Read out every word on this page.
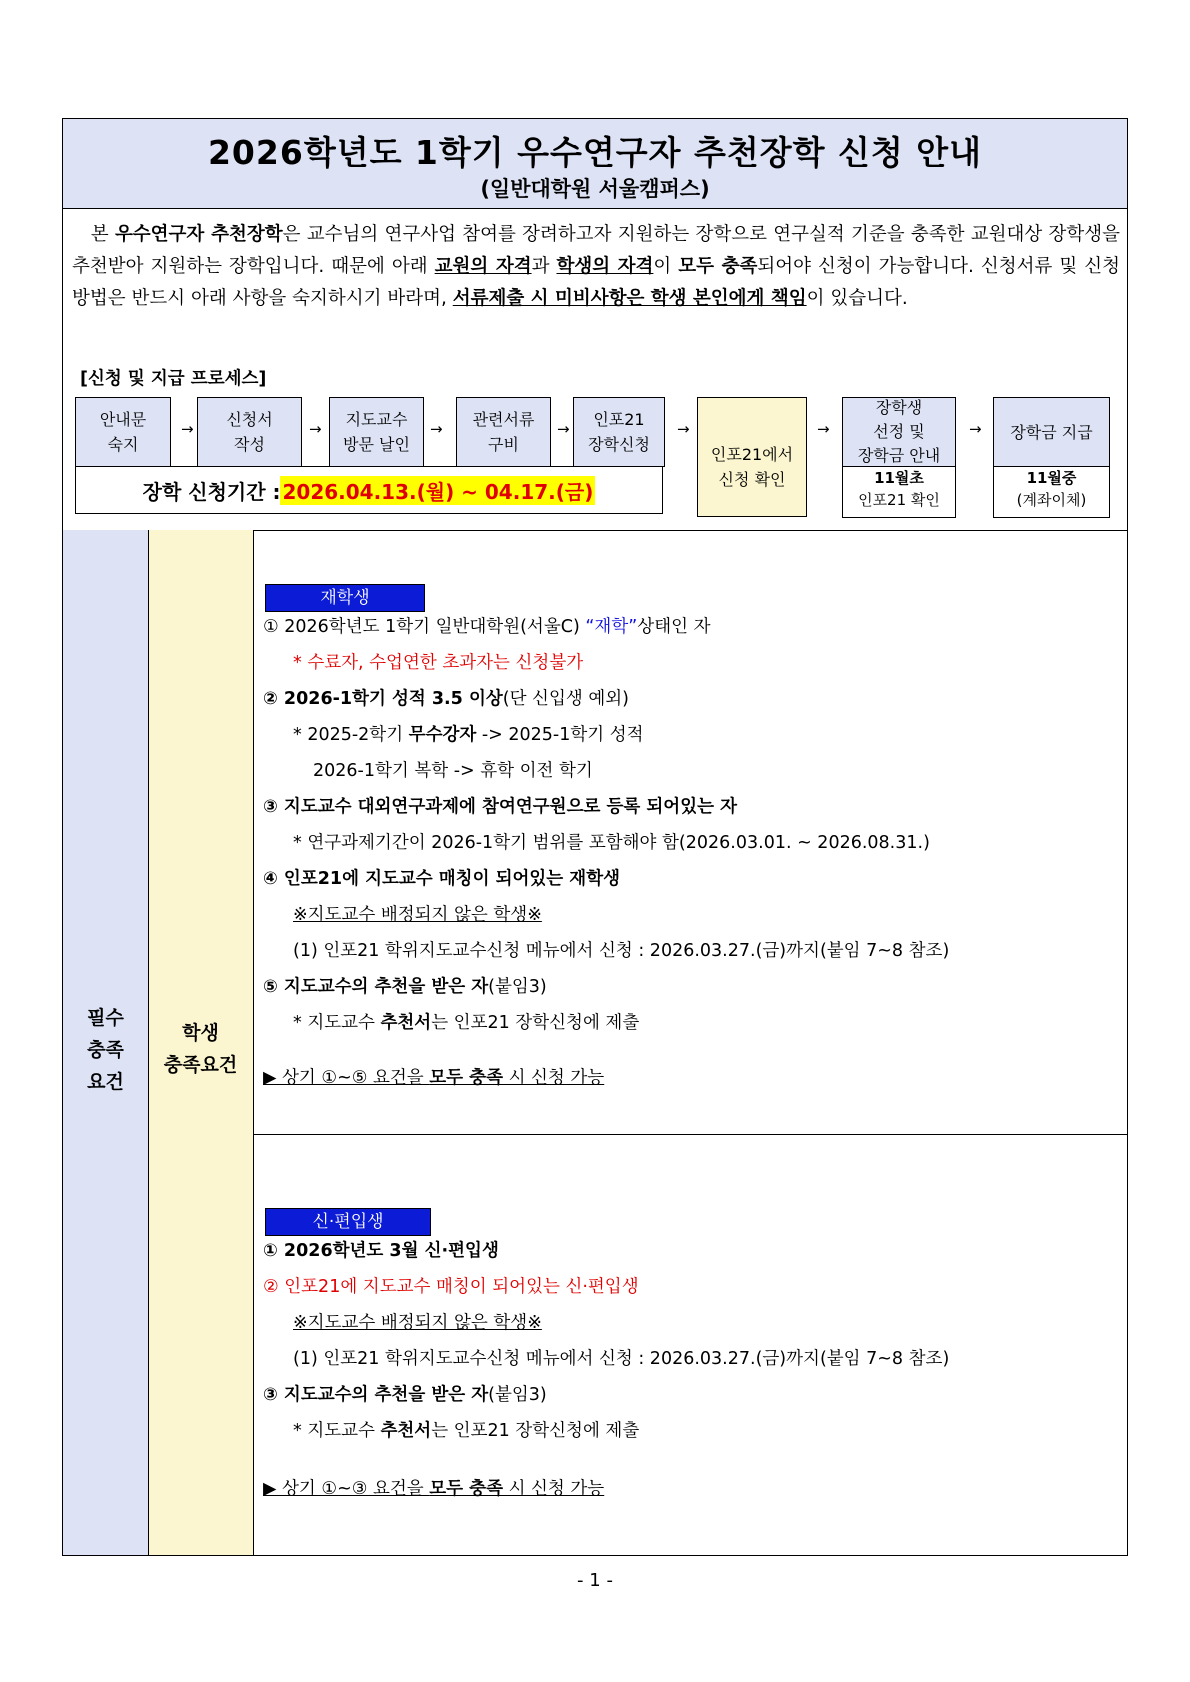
2026학년도 1학기 우수연구자 추천장학 신청 안내
(일반대학원 서울캠퍼스)
본 우수연구자 추천장학은 교수님의 연구사업 참여를 장려하고자 지원하는 장학으로 연구실적 기준을 충족한 교원대상 장학생을 추천받아 지원하는 장학입니다. 때문에 아래 교원의 자격과 학생의 자격이 모두 충족되어야 신청이 가능합니다. 신청서류 및 신청방법은 반드시 아래 사항을 숙지하시기 바라며, 서류제출 시 미비사항은 학생 본인에게 책임이 있습니다.
[신청 및 지급 프로세스]
안내문
숙지
→ 신청서
작성
→ 지도교수
방문 날인
→ 관련서류
구비
→	인포21
장학신청
→
인포21에서
신청 확인
→
장학생
선정 및
장학금 안내
→ 장학금 지급
장학 신청기간 : 2026.04.13.(월) ~ 04.17.(금)
11월초
인포21 확인
11월중
(계좌이체)
필수
충족
요건
학생
충족요건
재학생
① 2026학년도 1학기 일반대학원(서울C) “재학”상태인 자
* 수료자, 수업연한 초과자는 신청불가
② 2026-1학기 성적 3.5 이상(단 신입생 예외)
* 2025-2학기 무수강자 -> 2025-1학기 성적
2026-1학기 복학 -> 휴학 이전 학기
③ 지도교수 대외연구과제에 참여연구원으로 등록 되어있는 자
* 연구과제기간이 2026-1학기 범위를 포함해야 함(2026.03.01. ~ 2026.08.31.)
④ 인포21에 지도교수 매칭이 되어있는 재학생
※지도교수 배정되지 않은 학생※
(1) 인포21 학위지도교수신청 메뉴에서 신청 : 2026.03.27.(금)까지(붙임 7~8 참조)
⑤ 지도교수의 추천을 받은 자(붙임3)
* 지도교수 추천서는 인포21 장학신청에 제출
▶ 상기 ①~⑤ 요건을 모두 충족 시 신청 가능
신·편입생
① 2026학년도 3월 신·편입생
② 인포21에 지도교수 매칭이 되어있는 신·편입생
※지도교수 배정되지 않은 학생※
(1) 인포21 학위지도교수신청 메뉴에서 신청 : 2026.03.27.(금)까지(붙임 7~8 참조)
③ 지도교수의 추천을 받은 자(붙임3)
* 지도교수 추천서는 인포21 장학신청에 제출
▶ 상기 ①~③ 요건을 모두 충족 시 신청 가능
- 1 -
